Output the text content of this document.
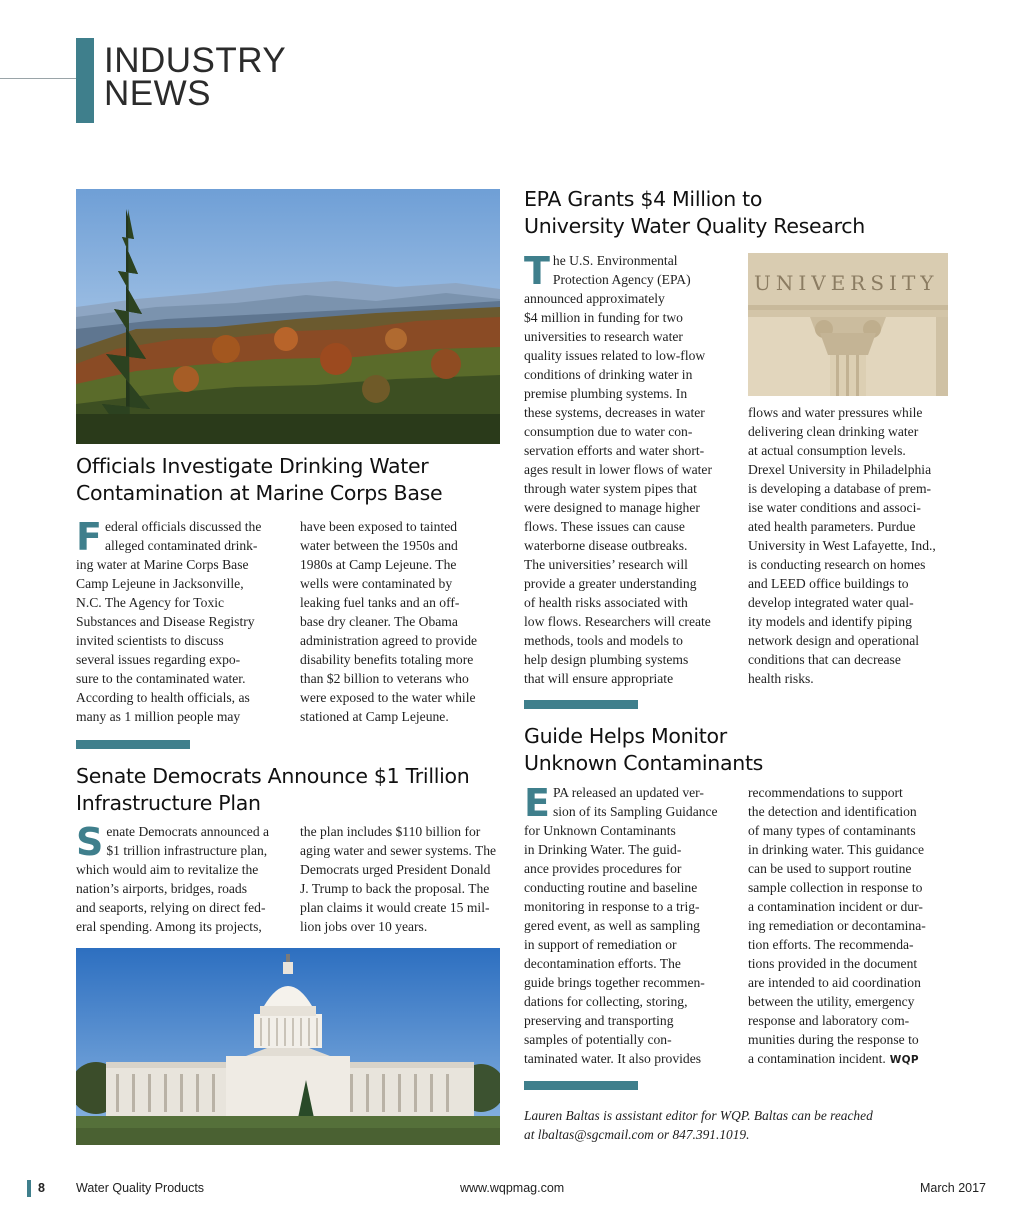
INDUSTRY
NEWS
Officials Investigate Drinking Water
Contamination at Marine Corps Base
F ederal officials discussed the
alleged contaminated drink-
ing water at Marine Corps Base
Camp Lejeune in Jacksonville,
N.C. The Agency for Toxic
Substances and Disease Registry
invited scientists to discuss
several issues regarding expo-
sure to the contaminated water.
According to health officials, as
many as 1 million people may
have been exposed to tainted
water between the 1950s and
1980s at Camp Lejeune. The
wells were contaminated by
leaking fuel tanks and an off-
base dry cleaner. The Obama
administration agreed to provide
disability benefits totaling more
than $2 billion to veterans who
were exposed to the water while
stationed at Camp Lejeune.
Senate Democrats Announce $1 Trillion
Infrastructure Plan
S enate Democrats announced a
$1 trillion infrastructure plan,
which would aim to revitalize the
nation’s airports, bridges, roads
and seaports, relying on direct fed-
eral spending. Among its projects,
the plan includes $110 billion for
aging water and sewer systems. The
Democrats urged President Donald
J. Trump to back the proposal. The
plan claims it would create 15 mil-
lion jobs over 10 years.
EPA Grants $4 Million to
University Water Quality Research
T he U.S. Environmental
Protection Agency (EPA)
announced approximately
$4 million in funding for two
universities to research water
quality issues related to low-flow
conditions of drinking water in
premise plumbing systems. In
these systems, decreases in water
consumption due to water con-
servation efforts and water short-
ages result in lower flows of water
through water system pipes that
were designed to manage higher
flows. These issues can cause
waterborne disease outbreaks.
The universities’ research will
provide a greater understanding
of health risks associated with
low flows. Researchers will create
methods, tools and models to
help design plumbing systems
that will ensure appropriate
UNIVERSITY
flows and water pressures while
delivering clean drinking water
at actual consumption levels.
Drexel University in Philadelphia
is developing a database of prem-
ise water conditions and associ-
ated health parameters. Purdue
University in West Lafayette, Ind.,
is conducting research on homes
and LEED office buildings to
develop integrated water qual-
ity models and identify piping
network design and operational
conditions that can decrease
health risks.
Guide Helps Monitor
Unknown Contaminants
E PA released an updated ver-
sion of its Sampling Guidance
for Unknown Contaminants
in Drinking Water. The guid-
ance provides procedures for
conducting routine and baseline
monitoring in response to a trig-
gered event, as well as sampling
in support of remediation or
decontamination efforts. The
guide brings together recommen-
dations for collecting, storing,
preserving and transporting
samples of potentially con-
taminated water. It also provides
recommendations to support
the detection and identification
of many types of contaminants
in drinking water. This guidance
can be used to support routine
sample collection in response to
a contamination incident or dur-
ing remediation or decontamina-
tion efforts. The recommenda-
tions provided in the document
are intended to aid coordination
between the utility, emergency
response and laboratory com-
munities during the response to
a contamination incident. WQP
Lauren Baltas is assistant editor for WQP. Baltas can be reached
at lbaltas@sgcmail.com or 847.391.1019.
8 Water Quality Products	www.wqpmag.com	March 2017
